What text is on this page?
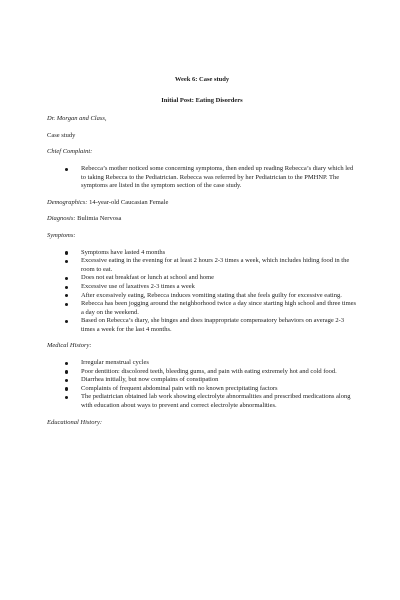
Week 6: Case study

Initial Post: Eating Disorders

Dr. Morgan and Class,

Case study

Chief Complaint:

Rebecca’s mother noticed some concerning symptoms, then ended up reading Rebecca’s diary which led to taking Rebecca to the Pediatrician. Rebecca was referred by her Pediatrician to the PMHNP. The symptoms are listed in the symptom section of the case study.

Demographics: 14-year-old Caucasian Female

Diagnosis: Bulimia Nervosa

Symptoms:

Symptoms have lasted 4 months
Excessive eating in the evening for at least 2 hours 2-3 times a week, which includes hiding food in the room to eat.
Does not eat breakfast or lunch at school and home
Excessive use of laxatives 2-3 times a week
After excessively eating, Rebecca induces vomiting stating that she feels guilty for excessive eating.
Rebecca has been jogging around the neighborhood twice a day since starting high school and three times a day on the weekend.
Based on Rebecca’s diary, she binges and does inappropriate compensatory behaviors on average 2-3 times a week for the last 4 months.

Medical History:

Irregular menstrual cycles
Poor dentition: discolored teeth, bleeding gums, and pain with eating extremely hot and cold food.
Diarrhea initially, but now complains of constipation
Complaints of frequent abdominal pain with no known precipitating factors
The pediatrician obtained lab work showing electrolyte abnormalities and prescribed medications along with education about ways to prevent and correct electrolyte abnormalities.

Educational History:
